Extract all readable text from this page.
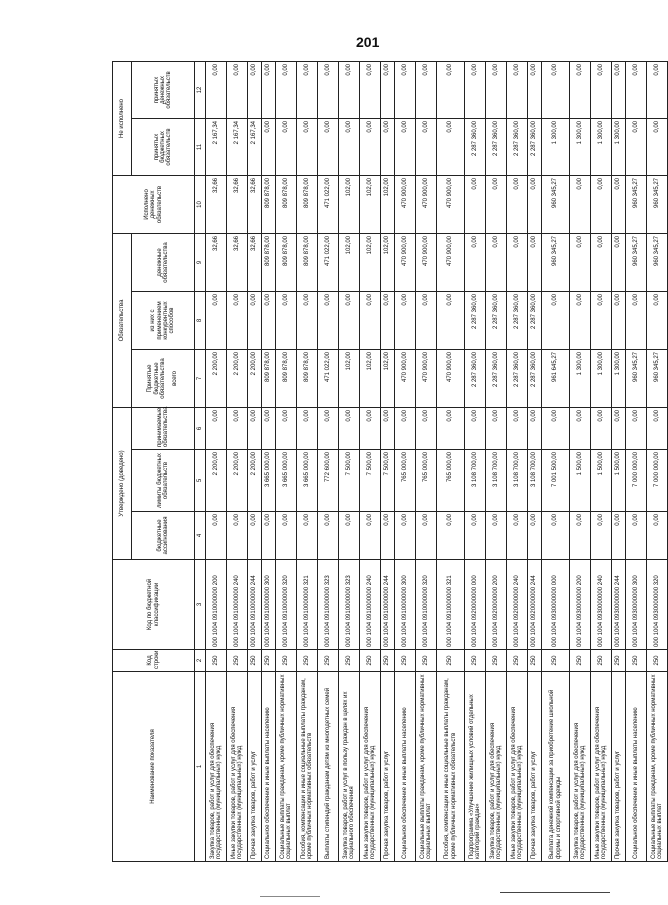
201
Наименование показателя	Код строки	Код по бюджетной классификации	Утверждено (доведено)			Обязательства			Исполнено денежных обязательств	Не исполнено	
			бюджетные ассигнования	лимиты бюджетных обязательств	принимаемые обязательства	Принятые бюджетные обязательства всего	из них с применением конкурентных способов	денежные обязательства		принятых бюджетных обязательств	принятых денежных обязательств
1	2	3	4	5	6	7	8	9	10	11	12
Закупка товаров, работ и услуг для обеспечения государственных (муниципальных) нужд	250	000 1004 0910000000 200	0,00	2 200,00	0,00	2 200,00	0,00	32,66	32,66	2 167,34	0,00
Иные закупки товаров, работ и услуг для обеспечения государственных (муниципальных) нужд	250	000 1004 0910000000 240	0,00	2 200,00	0,00	2 200,00	0,00	32,66	32,66	2 167,34	0,00
Прочая закупка товаров, работ и услуг	250	000 1004 0910000000 244	0,00	2 200,00	0,00	2 200,00	0,00	32,66	32,66	2 167,34	0,00
Социальное обеспечение и иные выплаты населению	250	000 1004 0910000000 300	0,00	3 665 000,00	0,00	809 878,00	0,00	809 878,00	809 878,00	0,00	0,00
Социальные выплаты гражданам, кроме публичных нормативных социальных выплат	250	000 1004 0910000000 320	0,00	3 665 000,00	0,00	809 878,00	0,00	809 878,00	809 878,00	0,00	0,00
Пособия, компенсации и иные социальные выплаты гражданам, кроме публичных нормативных обязательств	250	000 1004 0910000000 321	0,00	3 665 000,00	0,00	809 878,00	0,00	809 878,00	809 878,00	0,00	0,00
Выплаты стипендий гражданам детям из многодетных семей	250	000 1004 0910000000 323	0,00	772 600,00	0,00	471 022,00	0,00	471 022,00	471 022,00	0,00	0,00
Закупка товаров, работ и услуг в пользу граждан в целях их социального обеспечения	250	000 1004 0910000000 323	0,00	7 500,00	0,00	102,00	0,00	102,00	102,00	0,00	0,00
Иные закупки товаров, работ и услуг для обеспечения государственных (муниципальных) нужд	250	000 1004 0910000000 240	0,00	7 500,00	0,00	102,00	0,00	102,00	102,00	0,00	0,00
Прочая закупка товаров, работ и услуг	250	000 1004 0910000000 244	0,00	7 500,00	0,00	102,00	0,00	102,00	102,00	0,00	0,00
Социальное обеспечение и иные выплаты населению	250	000 1004 0910000000 300	0,00	765 000,00	0,00	470 900,00	0,00	470 900,00	470 900,00	0,00	0,00
Социальные выплаты гражданам, кроме публичных нормативных социальных выплат	250	000 1004 0910000000 320	0,00	765 000,00	0,00	470 900,00	0,00	470 900,00	470 900,00	0,00	0,00
Пособия, компенсации и иные социальные выплаты гражданам, кроме публичных нормативных обязательств	250	000 1004 0910000000 321	0,00	765 000,00	0,00	470 900,00	0,00	470 900,00	470 900,00	0,00	0,00
Подпрограмма «Улучшение жилищных условий отдельных категорий граждан»	250	000 1004 0920000000 000	0,00	3 108 700,00	0,00	2 287 360,00	2 287 360,00	0,00	0,00	2 287 360,00	0,00
Закупка товаров, работ и услуг для обеспечения государственных (муниципальных) нужд	250	000 1004 0920000000 200	0,00	3 108 700,00	0,00	2 287 360,00	2 287 360,00	0,00	0,00	2 287 360,00	0,00
Иные закупки товаров, работ и услуг для обеспечения государственных (муниципальных) нужд	250	000 1004 0920000000 240	0,00	3 108 700,00	0,00	2 287 360,00	2 287 360,00	0,00	0,00	2 287 360,00	0,00
Прочая закупка товаров, работ и услуг	250	000 1004 0920000000 244	0,00	3 108 700,00	0,00	2 287 360,00	2 287 360,00	0,00	0,00	2 287 360,00	0,00
Выплата денежной компенсации за приобретение школьной формы и спортивной одежды	250	000 1004 0930000000 000	0,00	7 001 500,00	0,00	961 645,27	0,00	960 345,27	960 345,27	1 300,00	0,00
Закупка товаров, работ и услуг для обеспечения государственных (муниципальных) нужд	250	000 1004 0930000000 200	0,00	1 500,00	0,00	1 300,00	0,00	0,00	0,00	1 300,00	0,00
Иные закупки товаров, работ и услуг для обеспечения государственных (муниципальных) нужд	250	000 1004 0930000000 240	0,00	1 500,00	0,00	1 300,00	0,00	0,00	0,00	1 300,00	0,00
Прочая закупка товаров, работ и услуг	250	000 1004 0930000000 244	0,00	1 500,00	0,00	1 300,00	0,00	0,00	0,00	1 300,00	0,00
Социальное обеспечение и иные выплаты населению	250	000 1004 0930000000 300	0,00	7 000 000,00	0,00	960 345,27	0,00	960 345,27	960 345,27	0,00	0,00
Социальные выплаты гражданам, кроме публичных нормативных социальных выплат	250	000 1004 0930000000 320	0,00	7 000 000,00	0,00	960 345,27	0,00	960 345,27	960 345,27	0,00	0,00
